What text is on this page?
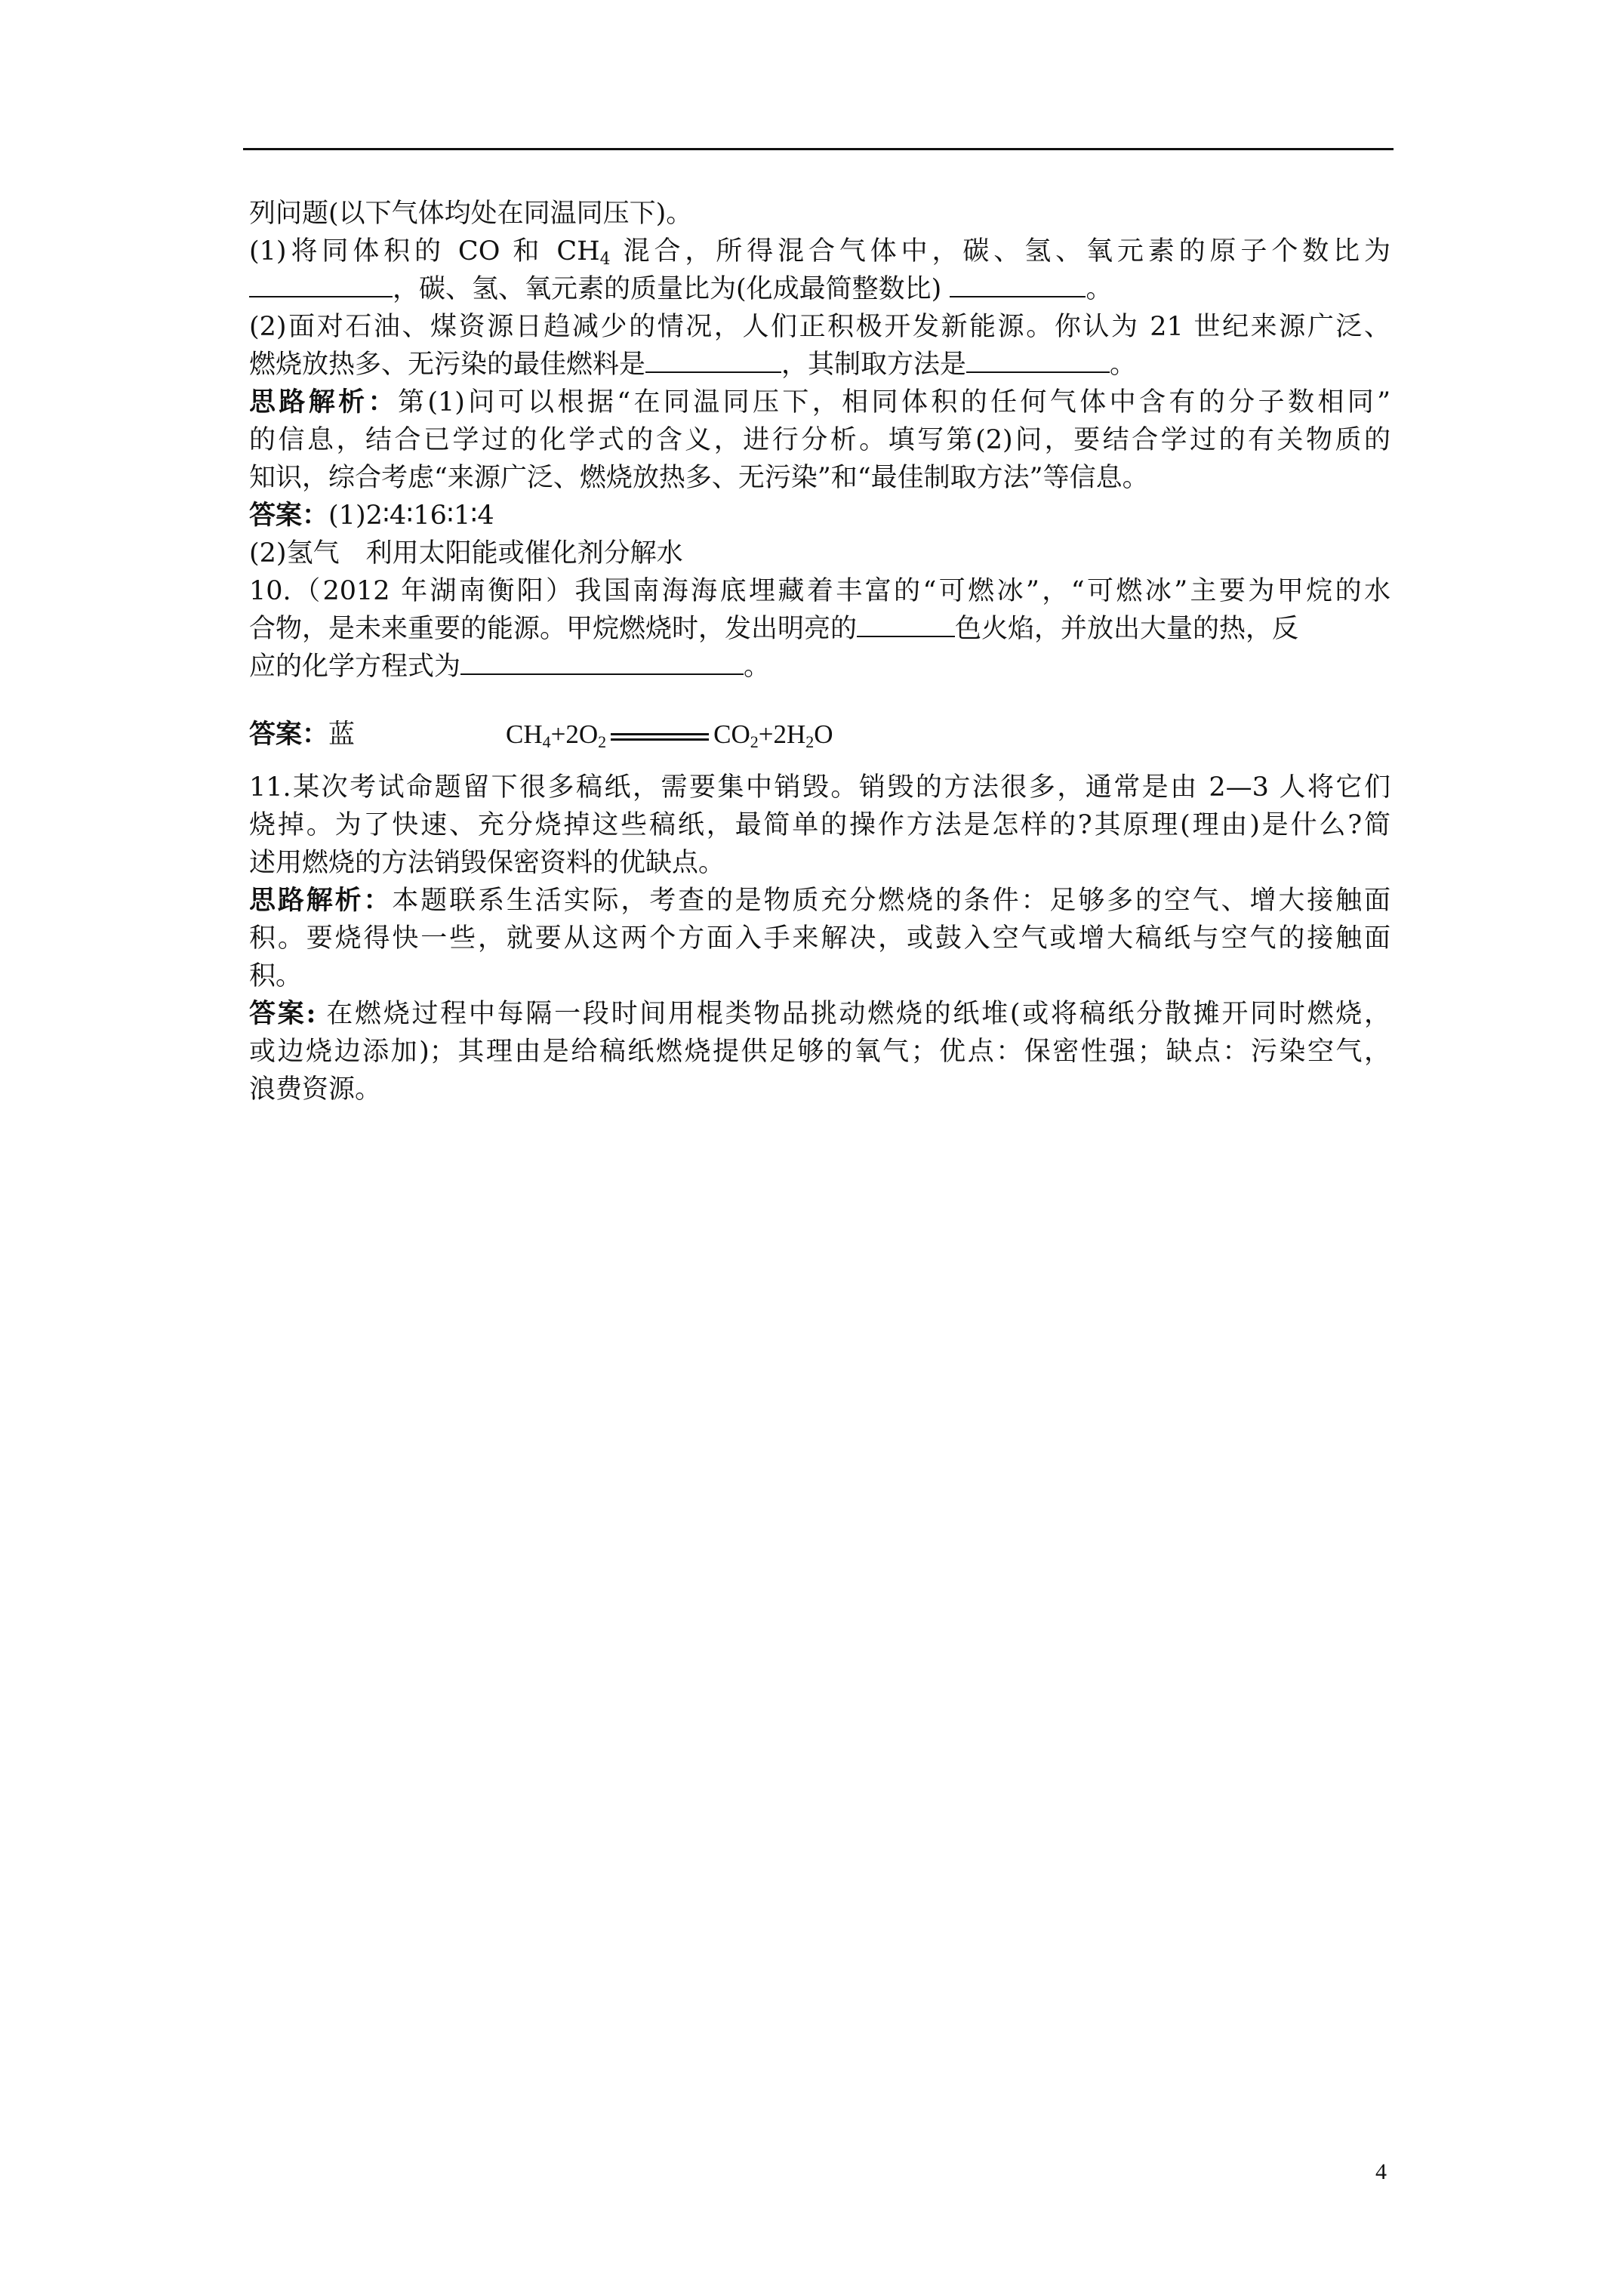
列问题(以下气体均处在同温同压下)。
(1)将同体积的 CO 和 $CH_4$ 混合，所得混合气体中，碳、氢、氧元素的原子个数比为
，碳、氢、氧元素的质量比为(化成最简整数比)	。
(2)面对石油、煤资源日趋减少的情况，人们正积极开发新能源。你认为 21 世纪来源广泛、
燃烧放热多、无污染的最佳燃料是	，其制取方法是	。
思路解析：第(1)问可以根据“在同温同压下，相同体积的任何气体中含有的分子数相同”
的信息，结合已学过的化学式的含义，进行分析。填写第(2)问，要结合学过的有关物质的
知识，综合考虑“来源广泛、燃烧放热多、无污染”和“最佳制取方法”等信息。
答案：(1)2∶4∶16∶1∶4
(2)氢气　利用太阳能或催化剂分解水
10.（2012 年湖南衡阳）我国南海海底埋藏着丰富的“可燃冰”，“可燃冰”主要为甲烷的水
合物，是未来重要的能源。甲烷燃烧时，发出明亮的	色火焰，并放出大量的热，反
应的化学方程式为	。
答案：蓝	$CH_4+2O_2$	$CO_2+2H_2O$
11.某次考试命题留下很多稿纸，需要集中销毁。销毁的方法很多，通常是由 2—3 人将它们
烧掉。为了快速、充分烧掉这些稿纸，最简单的操作方法是怎样的?其原理(理由)是什么?简
述用燃烧的方法销毁保密资料的优缺点。
思路解析：本题联系生活实际，考查的是物质充分燃烧的条件：足够多的空气、增大接触面
积。要烧得快一些，就要从这两个方面入手来解决，或鼓入空气或增大稿纸与空气的接触面
积。
答案: 在燃烧过程中每隔一段时间用棍类物品挑动燃烧的纸堆(或将稿纸分散摊开同时燃烧，
或边烧边添加)；其理由是给稿纸燃烧提供足够的氧气；优点：保密性强；缺点：污染空气，
浪费资源。
4
